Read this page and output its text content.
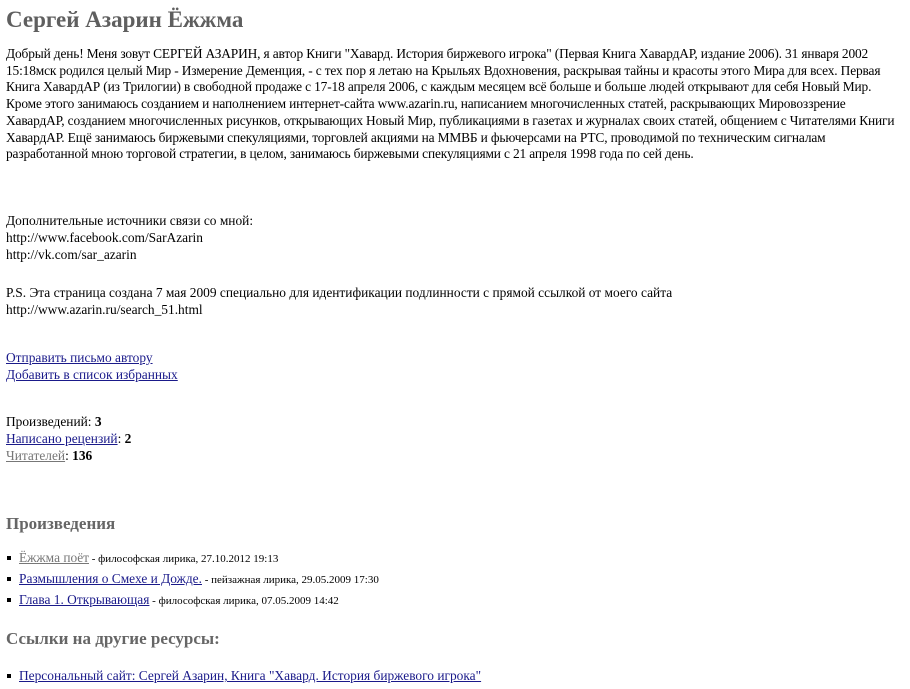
Сергей Азарин Ёжжма

Добрый день! Меня зовут СЕРГЕЙ АЗАРИН, я автор Книги "Хавард. История биржевого игрока" (Первая Книга ХавардАР, издание 2006). 31 января 2002 15:18мск родился целый Мир - Измерение Деменция, - с тех пор я летаю на Крыльях Вдохновения, раскрывая тайны и красоты этого Мира для всех. Первая Книга ХавардАР (из Трилогии) в свободной продаже с 17-18 апреля 2006, с каждым месяцем всё больше и больше людей открывают для себя Новый Мир. Кроме этого занимаюсь созданием и наполнением интернет-сайта www.azarin.ru, написанием многочисленных статей, раскрывающих Мировоззрение ХавардАР, созданием многочисленных рисунков, открывающих Новый Мир, публикациями в газетах и журналах своих статей, общением с Читателями Книги ХавардАР. Ещё занимаюсь биржевыми спекуляциями, торговлей акциями на ММВБ и фьючерсами на РТС, проводимой по техническим сигналам разработанной мною торговой стратегии, в целом, занимаюсь биржевыми спекуляциями с 21 апреля 1998 года по сей день.

Дополнительные источники связи со мной:
http://www.facebook.com/SarAzarin
http://vk.com/sar_azarin
P.S. Эта страница создана 7 мая 2009 специально для идентификации подлинности с прямой ссылкой от моего сайта
http://www.azarin.ru/search_51.html
Отправить письмо автору
Добавить в список избранных
Произведений: 3
Написано рецензий: 2
Читателей: 136
Произведения
Ёжжма поёт - философская лирика, 27.10.2012 19:13
Размышления о Смехе и Дожде. - пейзажная лирика, 29.05.2009 17:30
Глава 1. Открывающая - философская лирика, 07.05.2009 14:42
Ссылки на другие ресурсы:
Персональный сайт: Сергей Азарин, Книга "Хавард. История биржевого игрока"
